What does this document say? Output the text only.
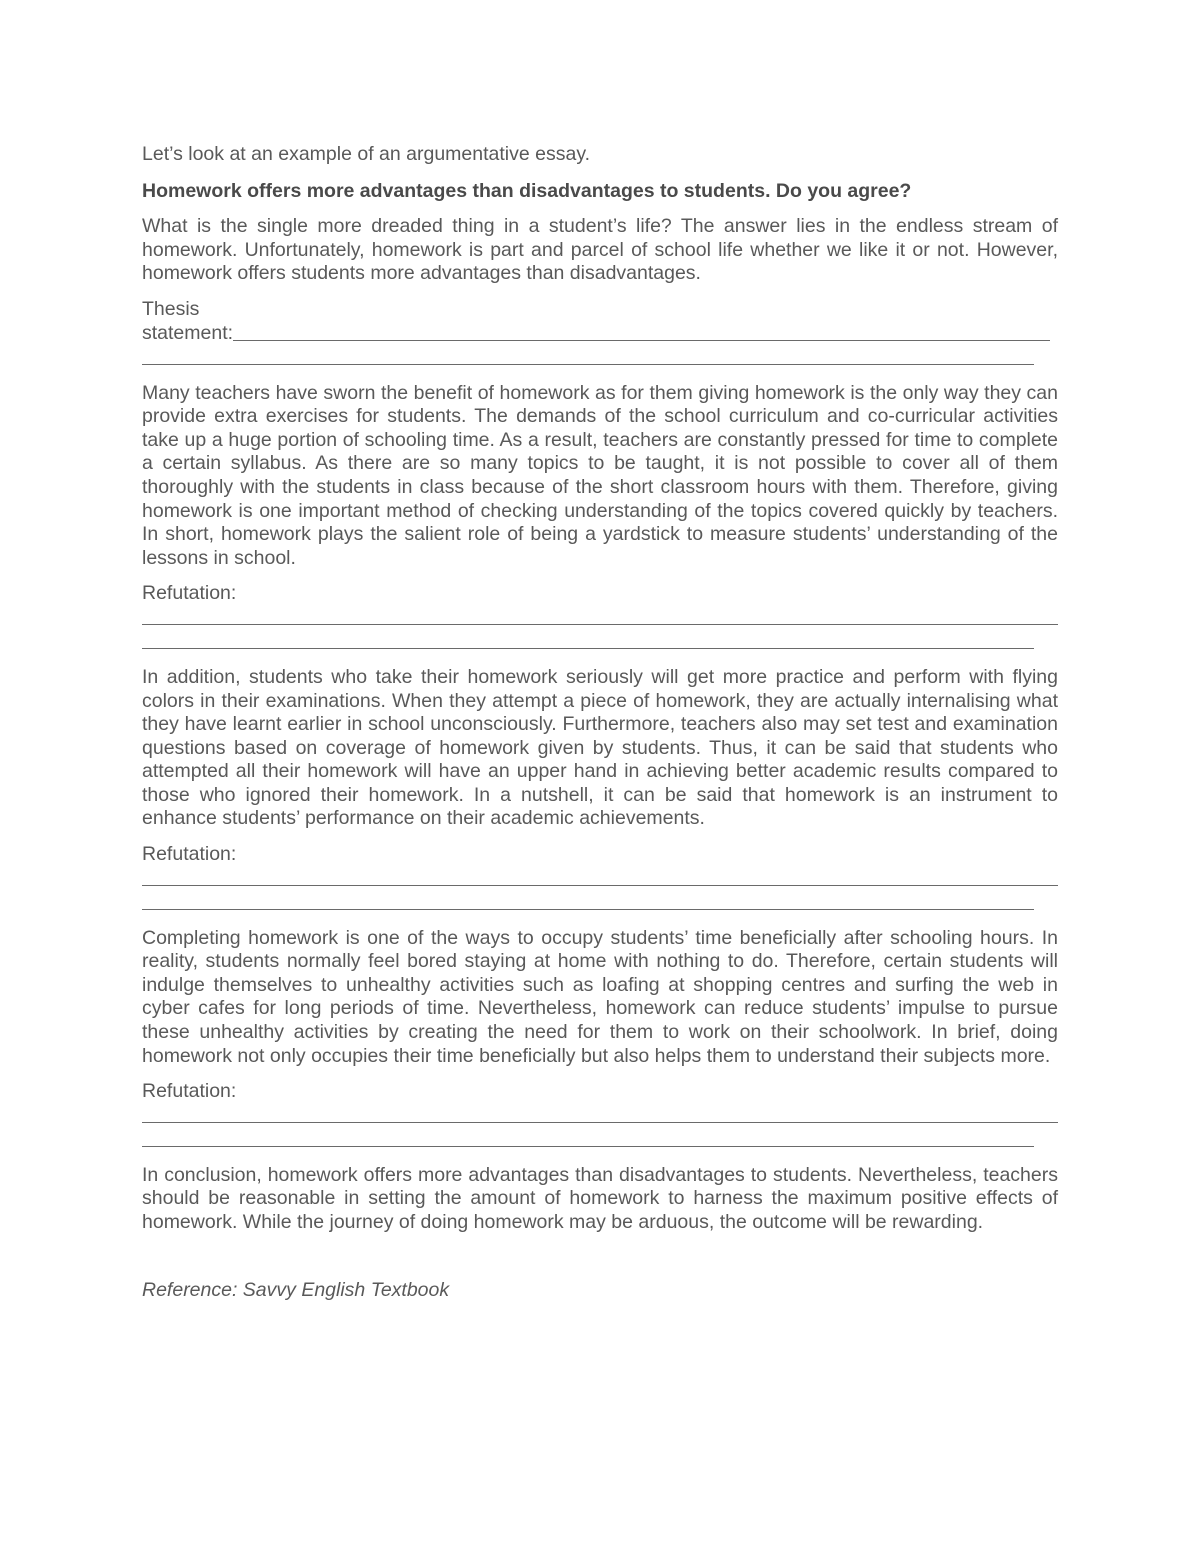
Let’s look at an example of an argumentative essay.

Homework offers more advantages than disadvantages to students. Do you agree?

What is the single more dreaded thing in a student’s life? The answer lies in the endless stream of homework. Unfortunately, homework is part and parcel of school life whether we like it or not. However, homework offers students more advantages than disadvantages.

Thesis
statement:

Many teachers have sworn the benefit of homework as for them giving homework is the only way they can provide extra exercises for students. The demands of the school curriculum and co-curricular activities take up a huge portion of schooling time. As a result, teachers are constantly pressed for time to complete a certain syllabus. As there are so many topics to be taught, it is not possible to cover all of them thoroughly with the students in class because of the short classroom hours with them. Therefore, giving homework is one important method of checking understanding of the topics covered quickly by teachers. In short, homework plays the salient role of being a yardstick to measure students’ understanding of the lessons in school.

Refutation:

In addition, students who take their homework seriously will get more practice and perform with flying colors in their examinations. When they attempt a piece of homework, they are actually internalising what they have learnt earlier in school unconsciously. Furthermore, teachers also may set test and examination questions based on coverage of homework given by students. Thus, it can be said that students who attempted all their homework will have an upper hand in achieving better academic results compared to those who ignored their homework. In a nutshell, it can be said that homework is an instrument to enhance students’ performance on their academic achievements.

Refutation:

Completing homework is one of the ways to occupy students’ time beneficially after schooling hours. In reality, students normally feel bored staying at home with nothing to do. Therefore, certain students will indulge themselves to unhealthy activities such as loafing at shopping centres and surfing the web in cyber cafes for long periods of time. Nevertheless, homework can reduce students’ impulse to pursue these unhealthy activities by creating the need for them to work on their schoolwork. In brief, doing homework not only occupies their time beneficially but also helps them to understand their subjects more.

Refutation:

In conclusion, homework offers more advantages than disadvantages to students. Nevertheless, teachers should be reasonable in setting the amount of homework to harness the maximum positive effects of homework. While the journey of doing homework may be arduous, the outcome will be rewarding.

Reference: Savvy English Textbook
